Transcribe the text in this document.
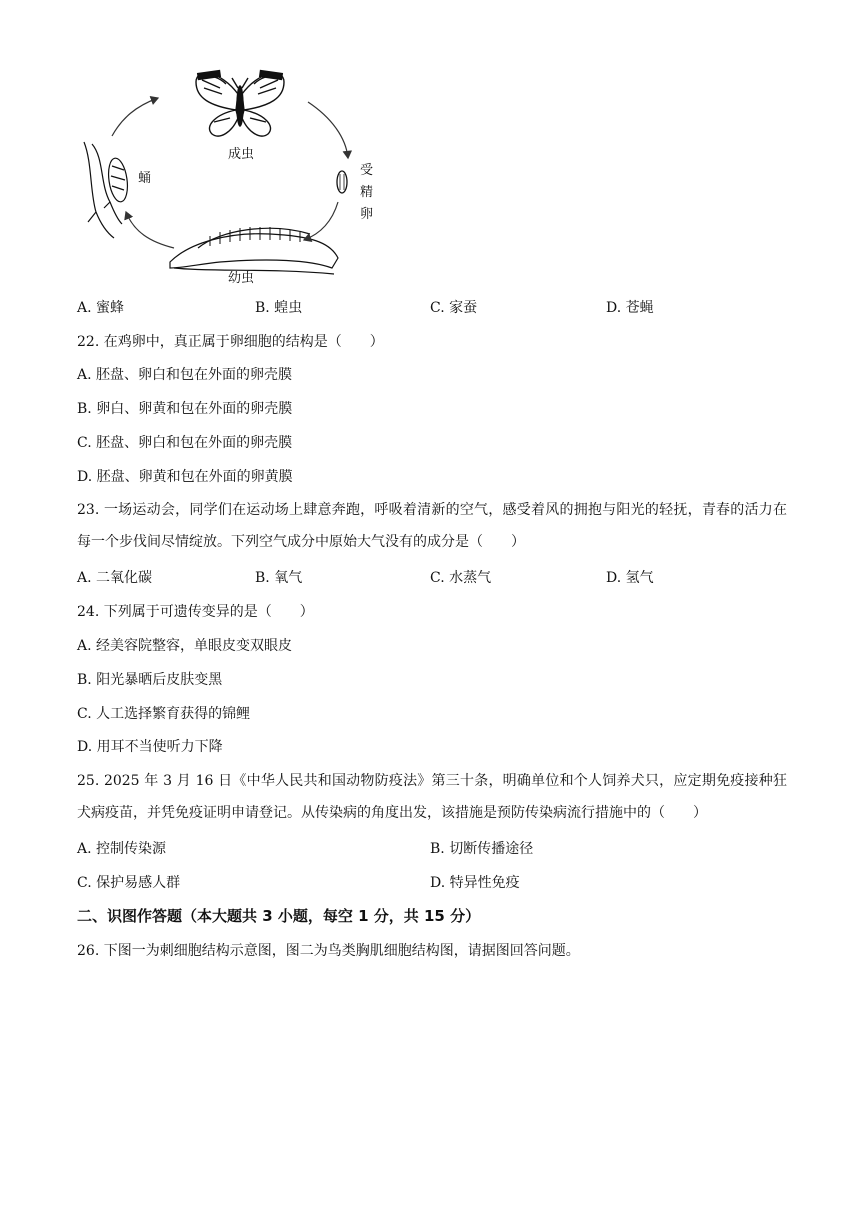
成虫
受
精
卵
幼虫
蛹
A. 蜜蜂	B. 蝗虫	C. 家蚕	D. 苍蝇
22. 在鸡卵中，真正属于卵细胞的结构是（　　）
A. 胚盘、卵白和包在外面的卵壳膜
B. 卵白、卵黄和包在外面的卵壳膜
C. 胚盘、卵白和包在外面的卵壳膜
D. 胚盘、卵黄和包在外面的卵黄膜
23. 一场运动会，同学们在运动场上肆意奔跑，呼吸着清新的空气，感受着风的拥抱与阳光的轻抚，青春的活力在每一个步伐间尽情绽放。下列空气成分中原始大气没有的成分是（　　）
A. 二氧化碳	B. 氧气	C. 水蒸气	D. 氢气
24. 下列属于可遗传变异的是（　　）
A. 经美容院整容，单眼皮变双眼皮
B. 阳光暴晒后皮肤变黑
C. 人工选择繁育获得的锦鲤
D. 用耳不当使听力下降
25. 2025 年 3 月 16 日《中华人民共和国动物防疫法》第三十条，明确单位和个人饲养犬只，应定期免疫接种狂犬病疫苗，并凭免疫证明申请登记。从传染病的角度出发，该措施是预防传染病流行措施中的（　　）
A. 控制传染源	B. 切断传播途径
C. 保护易感人群	D. 特异性免疫
二、识图作答题（本大题共 3 小题，每空 1 分，共 15 分）
26. 下图一为刺细胞结构示意图，图二为鸟类胸肌细胞结构图，请据图回答问题。
